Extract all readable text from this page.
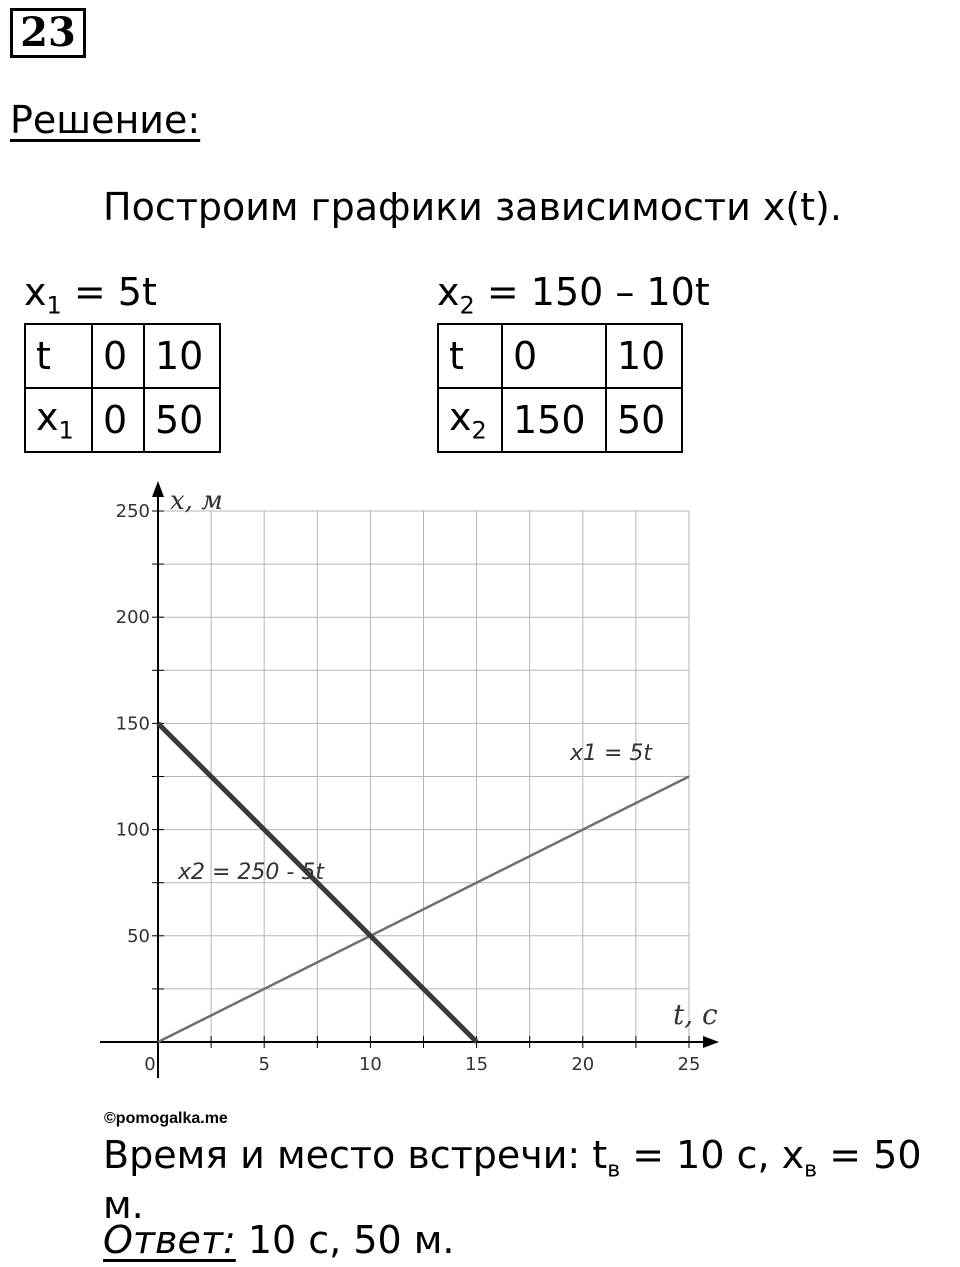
23
Решение:
Построим графики зависимости x(t).
$x_1 = 5t$	$x_2 = 150 - 10t$
t	0	10
$x_1$	0	50
t	0	10
$x_2$	150	50
0	5	10	15	20	25
50
100
150
200
250
t, c
x, м
x1 = 5t
x2 = 250 - 5t
©pomogalka.me
Время и место встречи: $t_в = 10$ с, $x_в = 50$ м.
Ответ: 10 с, 50 м.
